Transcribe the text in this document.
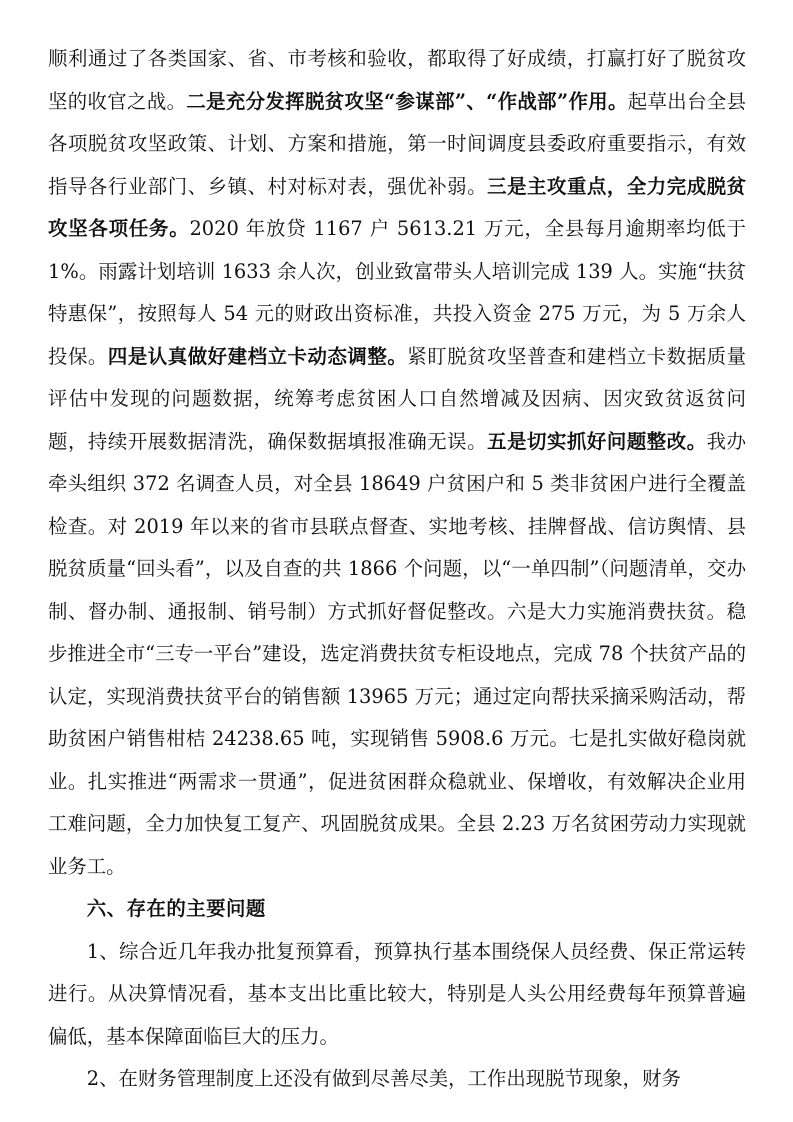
顺利通过了各类国家、省、市考核和验收，都取得了好成绩，打赢打好了脱贫攻坚的收官之战。二是充分发挥脱贫攻坚“参谋部”、“作战部”作用。起草出台全县各项脱贫攻坚政策、计划、方案和措施，第一时间调度县委政府重要指示，有效指导各行业部门、乡镇、村对标对表，强优补弱。三是主攻重点，全力完成脱贫攻坚各项任务。2020 年放贷 1167 户 5613.21 万元，全县每月逾期率均低于 1%。雨露计划培训 1633 余人次，创业致富带头人培训完成 139 人。实施“扶贫特惠保”，按照每人 54 元的财政出资标准，共投入资金 275 万元，为 5 万余人投保。四是认真做好建档立卡动态调整。紧盯脱贫攻坚普查和建档立卡数据质量评估中发现的问题数据，统筹考虑贫困人口自然增减及因病、因灾致贫返贫问题，持续开展数据清洗，确保数据填报准确无误。五是切实抓好问题整改。我办牵头组织 372 名调查人员，对全县 18649 户贫困户和 5 类非贫困户进行全覆盖检查。对 2019 年以来的省市县联点督查、实地考核、挂牌督战、信访舆情、县脱贫质量“回头看”，以及自查的共 1866 个问题，以“一单四制”（问题清单，交办制、督办制、通报制、销号制）方式抓好督促整改。六是大力实施消费扶贫。稳步推进全市“三专一平台”建设，选定消费扶贫专柜设地点，完成 78 个扶贫产品的认定，实现消费扶贫平台的销售额 13965 万元；通过定向帮扶采摘采购活动，帮助贫困户销售柑桔 24238.65 吨，实现销售 5908.6 万元。七是扎实做好稳岗就业。扎实推进“两需求一贯通”，促进贫困群众稳就业、保增收，有效解决企业用工难问题，全力加快复工复产、巩固脱贫成果。全县 2.23 万名贫困劳动力实现就业务工。

六、存在的主要问题

1、综合近几年我办批复预算看，预算执行基本围绕保人员经费、保正常运转进行。从决算情况看，基本支出比重比较大，特别是人头公用经费每年预算普遍偏低，基本保障面临巨大的压力。

2、在财务管理制度上还没有做到尽善尽美，工作出现脱节现象，财务
